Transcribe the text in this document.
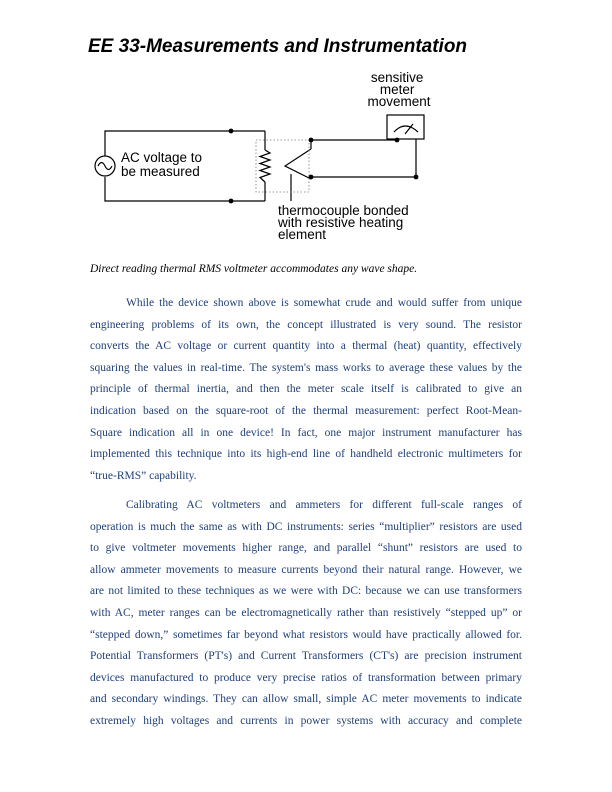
EE 33-Measurements and Instrumentation
AC voltage to be measured
sensitive meter movement
thermocouple bonded with resistive heating element

Direct reading thermal RMS voltmeter accommodates any wave shape.

While the device shown above is somewhat crude and would suffer from unique
engineering problems of its own, the concept illustrated is very sound. The resistor
converts the AC voltage or current quantity into a thermal (heat) quantity, effectively
squaring the values in real-time. The system's mass works to average these values by the
principle of thermal inertia, and then the meter scale itself is calibrated to give an
indication based on the square-root of the thermal measurement: perfect Root-Mean-
Square indication all in one device! In fact, one major instrument manufacturer has
implemented this technique into its high-end line of handheld electronic multimeters for
“true-RMS” capability.
Calibrating AC voltmeters and ammeters for different full-scale ranges of
operation is much the same as with DC instruments: series “multiplier” resistors are used
to give voltmeter movements higher range, and parallel “shunt” resistors are used to
allow ammeter movements to measure currents beyond their natural range. However, we
are not limited to these techniques as we were with DC: because we can use transformers
with AC, meter ranges can be electromagnetically rather than resistively “stepped up” or
“stepped down,” sometimes far beyond what resistors would have practically allowed for.
Potential Transformers (PT's) and Current Transformers (CT's) are precision instrument
devices manufactured to produce very precise ratios of transformation between primary
and secondary windings. They can allow small, simple AC meter movements to indicate
extremely high voltages and currents in power systems with accuracy and complete
